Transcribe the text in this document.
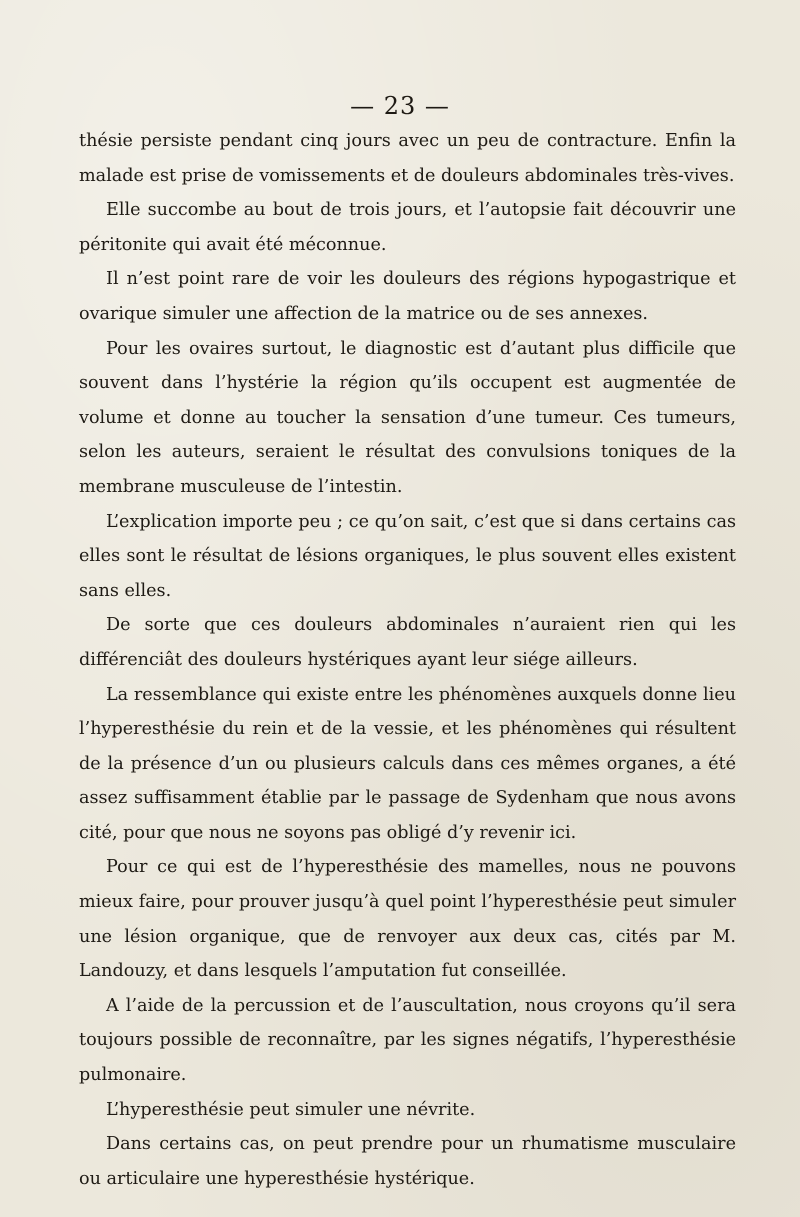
— 23 —

thésie persiste pendant cinq jours avec un peu de contracture. Enfin la malade est prise de vomissements et de douleurs abdominales très-vives.

Elle succombe au bout de trois jours, et l’autopsie fait découvrir une péritonite qui avait été méconnue.

Il n’est point rare de voir les douleurs des régions hypogastrique et ovarique simuler une affection de la matrice ou de ses annexes.

Pour les ovaires surtout, le diagnostic est d’autant plus difficile que souvent dans l’hystérie la région qu’ils occupent est augmentée de volume et donne au toucher la sensation d’une tumeur. Ces tumeurs, selon les auteurs, seraient le résultat des convulsions toniques de la membrane musculeuse de l’intestin.

L’explication importe peu ; ce qu’on sait, c’est que si dans certains cas elles sont le résultat de lésions organiques, le plus souvent elles existent sans elles.

De sorte que ces douleurs abdominales n’auraient rien qui les différenciât des douleurs hystériques ayant leur siége ailleurs.

La ressemblance qui existe entre les phénomènes auxquels donne lieu l’hyperesthésie du rein et de la vessie, et les phénomènes qui résultent de la présence d’un ou plusieurs calculs dans ces mêmes organes, a été assez suffisamment établie par le passage de Sydenham que nous avons cité, pour que nous ne soyons pas obligé d’y revenir ici.

Pour ce qui est de l’hyperesthésie des mamelles, nous ne pouvons mieux faire, pour prouver jusqu’à quel point l’hyperesthésie peut simuler une lésion organique, que de renvoyer aux deux cas, cités par M. Landouzy, et dans lesquels l’amputation fut conseillée.

A l’aide de la percussion et de l’auscultation, nous croyons qu’il sera toujours possible de reconnaître, par les signes négatifs, l’hyperesthésie pulmonaire.

L’hyperesthésie peut simuler une névrite.

Dans certains cas, on peut prendre pour un rhumatisme musculaire ou articulaire une hyperesthésie hystérique.
